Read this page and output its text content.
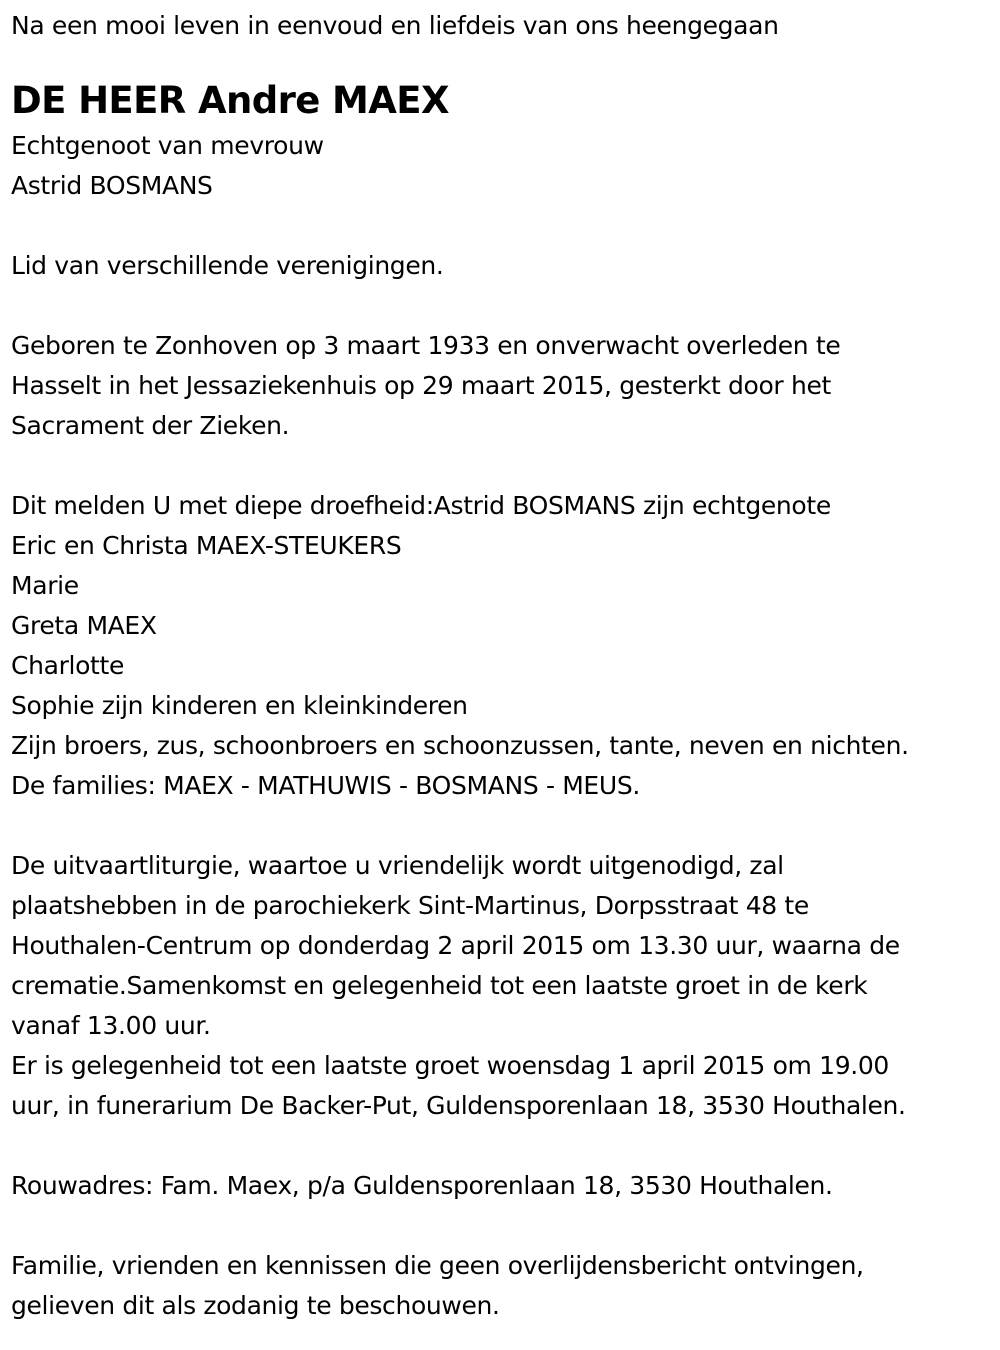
Na een mooi leven in eenvoud en liefdeis van ons heengegaan
DE HEER Andre MAEX
Echtgenoot van mevrouw
Astrid BOSMANS
Lid van verschillende verenigingen.
Geboren te Zonhoven op 3 maart 1933 en onverwacht overleden te
Hasselt in het Jessaziekenhuis op 29 maart 2015, gesterkt door het
Sacrament der Zieken.
Dit melden U met diepe droefheid:Astrid BOSMANS zijn echtgenote
Eric en Christa MAEX-STEUKERS
Marie
Greta MAEX
Charlotte
Sophie zijn kinderen en kleinkinderen
Zijn broers, zus, schoonbroers en schoonzussen, tante, neven en nichten.
De families: MAEX - MATHUWIS - BOSMANS - MEUS.
De uitvaartliturgie, waartoe u vriendelijk wordt uitgenodigd, zal
plaatshebben in de parochiekerk Sint-Martinus, Dorpsstraat 48 te
Houthalen-Centrum op donderdag 2 april 2015 om 13.30 uur, waarna de
crematie.Samenkomst en gelegenheid tot een laatste groet in de kerk
vanaf 13.00 uur.
Er is gelegenheid tot een laatste groet woensdag 1 april 2015 om 19.00
uur, in funerarium De Backer-Put, Guldensporenlaan 18, 3530 Houthalen.
Rouwadres: Fam. Maex, p/a Guldensporenlaan 18, 3530 Houthalen.
Familie, vrienden en kennissen die geen overlijdensbericht ontvingen,
gelieven dit als zodanig te beschouwen.
